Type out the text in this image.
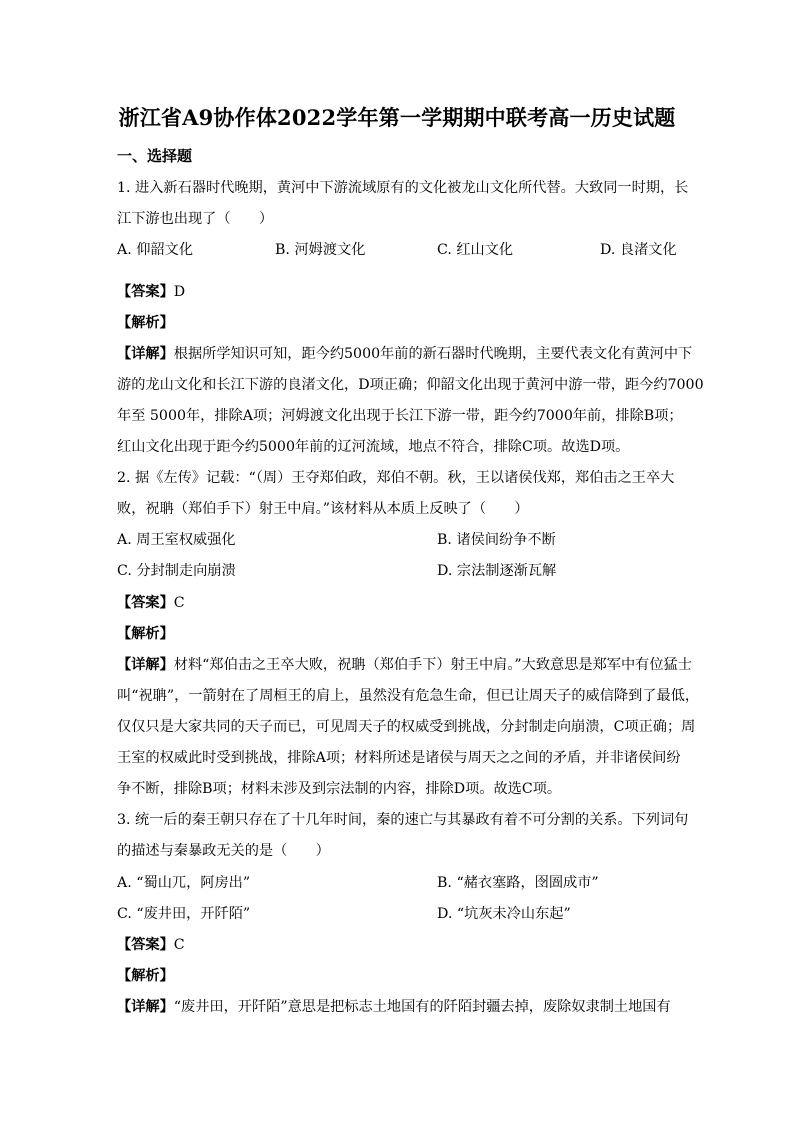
浙江省A9协作体2022学年第一学期期中联考高一历史试题
一、选择题
1. 进入新石器时代晚期，黄河中下游流域原有的文化被龙山文化所代替。大致同一时期，长
江下游也出现了（　　）
A. 仰韶文化	B. 河姆渡文化	C. 红山文化	D. 良渚文化
【答案】D
【解析】
【详解】根据所学知识可知，距今约5000年前的新石器时代晚期，主要代表文化有黄河中下
游的龙山文化和长江下游的良渚文化，D项正确；仰韶文化出现于黄河中游一带，距今约7000
年至 5000年，排除A项；河姆渡文化出现于长江下游一带，距今约7000年前，排除B项；
红山文化出现于距今约5000年前的辽河流域，地点不符合，排除C项。故选D项。
2. 据《左传》记载：“（周）王夺郑伯政，郑伯不朝。秋，王以诸侯伐郑，郑伯击之王卒大
败，祝聃（郑伯手下）射王中肩。”该材料从本质上反映了（　　）
A. 周王室权威强化	B. 诸侯间纷争不断
C. 分封制走向崩溃	D. 宗法制逐渐瓦解
【答案】C
【解析】
【详解】材料“郑伯击之王卒大败，祝聃（郑伯手下）射王中肩。”大致意思是郑军中有位猛士
叫“祝聃”，一箭射在了周桓王的肩上，虽然没有危急生命，但已让周天子的威信降到了最低，
仅仅只是大家共同的天子而已，可见周天子的权威受到挑战，分封制走向崩溃，C项正确；周
王室的权威此时受到挑战，排除A项；材料所述是诸侯与周天之之间的矛盾，并非诸侯间纷
争不断，排除B项；材料未涉及到宗法制的内容，排除D项。故选C项。
3. 统一后的秦王朝只存在了十几年时间，秦的速亡与其暴政有着不可分割的关系。下列词句
的描述与秦暴政无关的是（　　）
A. “蜀山兀，阿房出”	B. “赭衣塞路，囹圄成市”
C. “废井田，开阡陌”	D. “坑灰未冷山东起”
【答案】C
【解析】
【详解】“废井田，开阡陌”意思是把标志土地国有的阡陌封疆去掉，废除奴隶制土地国有
